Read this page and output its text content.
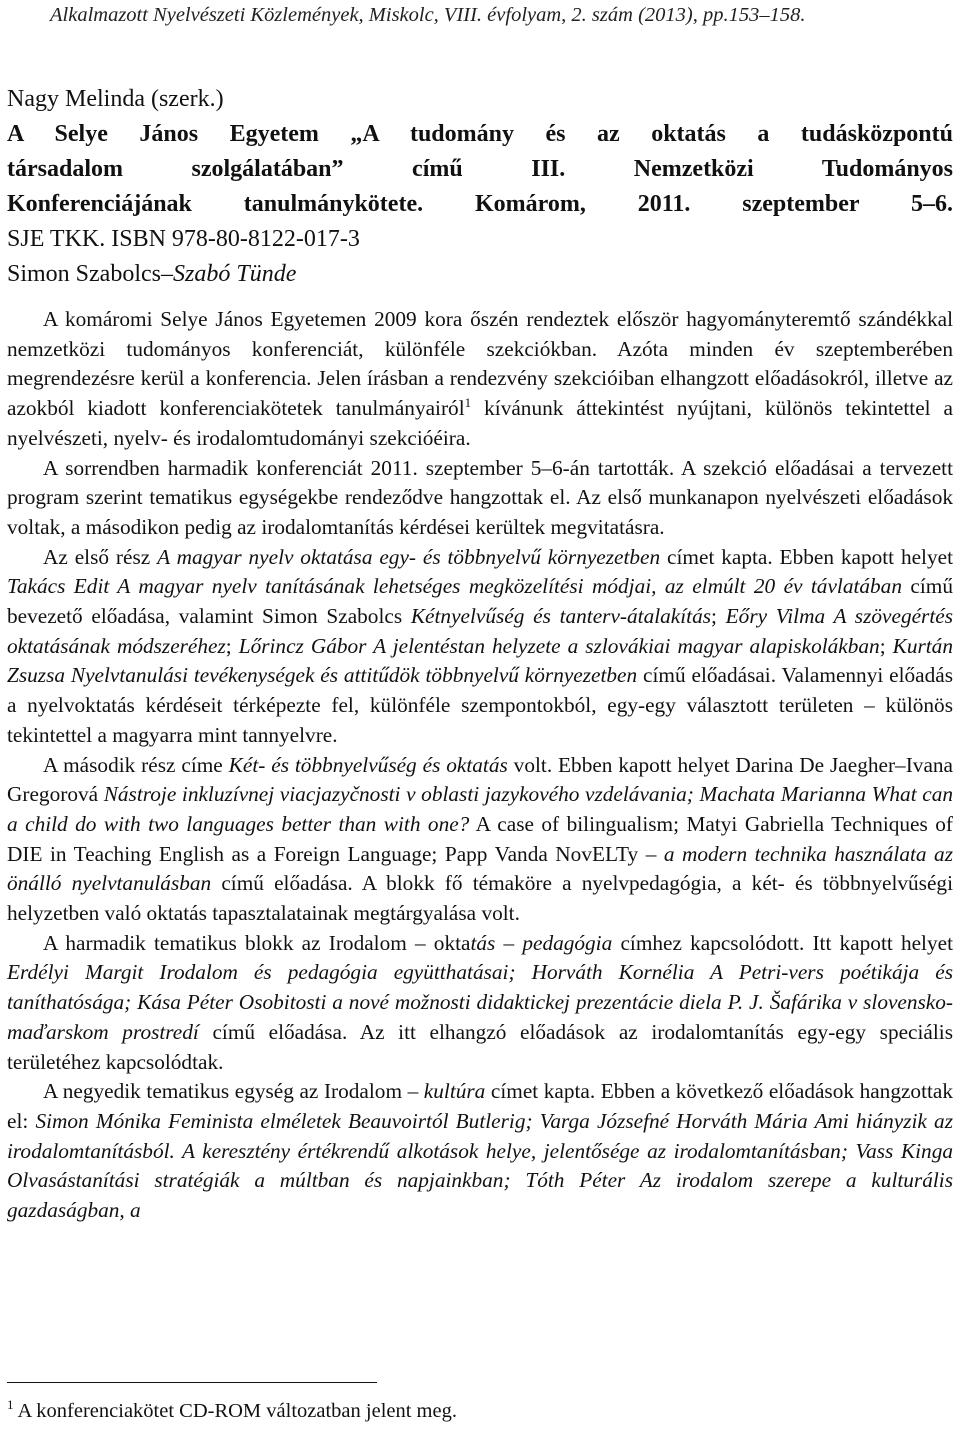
Alkalmazott Nyelvészeti Közlemények, Miskolc, VIII. évfolyam, 2. szám (2013), pp.153–158.
Nagy Melinda (szerk.)
A Selye János Egyetem „A tudomány és az oktatás a tudásközpontú
társadalom szolgálatában” című III. Nemzetközi Tudományos
Konferenciájának tanulmánykötete. Komárom, 2011. szeptember 5–6.
SJE TKK. ISBN 978-80-8122-017-3
Simon Szabolcs–Szabó Tünde

A komáromi Selye János Egyetemen 2009 kora őszén rendeztek először hagyományteremtő szándékkal nemzetközi tudományos konferenciát, különféle szekciókban. Azóta minden év szeptemberében megrendezésre kerül a konferencia. Jelen írásban a rendezvény szekcióiban elhangzott előadásokról, illetve az azokból kiadott konferenciakötetek tanulmányairól$^1$ kívánunk áttekintést nyújtani, különös tekintettel a nyelvészeti, nyelv- és irodalomtudományi szekcióéira.

A sorrendben harmadik konferenciát 2011. szeptember 5–6-án tartották. A szekció előadásai a tervezett program szerint tematikus egységekbe rendeződve hangzottak el. Az első munkanapon nyelvészeti előadások voltak, a másodikon pedig az irodalomtanítás kérdései kerültek megvitatásra.

Az első rész A magyar nyelv oktatása egy- és többnyelvű környezetben címet kapta. Ebben kapott helyet Takács Edit A magyar nyelv tanításának lehetséges megközelítési módjai, az elmúlt 20 év távlatában című bevezető előadása, valamint Simon Szabolcs Kétnyelvűség és tanterv-átalakítás; Eőry Vilma A szövegértés oktatásának módszeréhez; Lőrincz Gábor A jelentéstan helyzete a szlovákiai magyar alapiskolákban; Kurtán Zsuzsa Nyelvtanulási tevékenységek és attitűdök többnyelvű környezetben című előadásai. Valamennyi előadás a nyelvoktatás kérdéseit térképezte fel, különféle szempontokból, egy-egy választott területen – különös tekintettel a magyarra mint tannyelvre.

A második rész címe Két- és többnyelvűség és oktatás volt. Ebben kapott helyet Darina De Jaegher–Ivana Gregorová Nástroje inkluzívnej viacjazyčnosti v oblasti jazykového vzdelávania; Machata Marianna What can a child do with two languages better than with one? A case of bilingualism; Matyi Gabriella Techniques of DIE in Teaching English as a Foreign Language; Papp Vanda NovELTy – a modern technika használata az önálló nyelvtanulásban című előadása. A blokk fő témaköre a nyelvpedagógia, a két- és többnyelvűségi helyzetben való oktatás tapasztalatainak megtárgyalása volt.

A harmadik tematikus blokk az Irodalom – oktatás – pedagógia címhez kapcsolódott. Itt kapott helyet Erdélyi Margit Irodalom és pedagógia együtthatásai; Horváth Kornélia A Petri-vers poétikája és taníthatósága; Kása Péter Osobitosti a nové možnosti didaktickej prezentácie diela P. J. Šafárika v slovensko-maďarskom prostredí című előadása. Az itt elhangzó előadások az irodalomtanítás egy-egy speciális területéhez kapcsolódtak.

A negyedik tematikus egység az Irodalom – kultúra címet kapta. Ebben a következő előadások hangzottak el: Simon Mónika Feminista elméletek Beauvoirtól Butlerig; Varga Józsefné Horváth Mária Ami hiányzik az irodalomtanításból. A keresztény értékrendű alkotások helye, jelentősége az irodalomtanításban; Vass Kinga Olvasástanítási stratégiák a múltban és napjainkban; Tóth Péter Az irodalom szerepe a kulturális gazdaságban, a

$^1$ A konferenciakötet CD-ROM változatban jelent meg.
